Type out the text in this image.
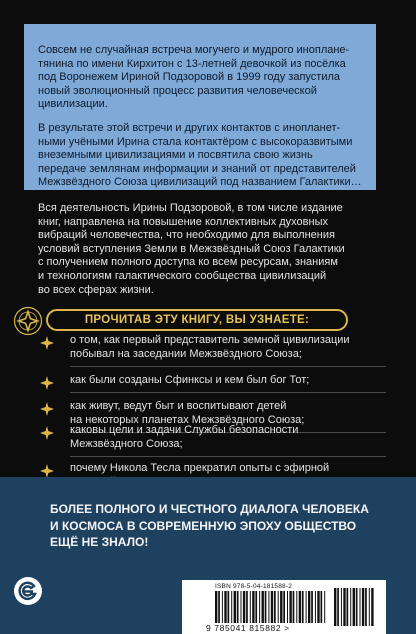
Совсем не случайная встреча могучего и мудрого инопланe-
тянина по имени Кирхитон с 13-летней девочкой из посёлка
под Воронежем Ириной Подзоровой в 1999 году запустила
новый эволюционный процесс развития человеческой
цивилизации.

В результате этой встречи и других контактов с инопланет-
ными учёными Ирина стала контактёром с высокоразвитыми
внеземными цивилизациями и посвятила свою жизнь
передаче землянам информации и знаний от представителей
Межзвёздного Союза цивилизаций под названием Галактики…

Вся деятельность Ирины Подзоровой, в том числе издание
книг, направлена на повышение коллективных духовных
вибраций человечества, что необходимо для выполнения
условий вступления Земли в Межзвёздный Союз Галактики
с получением полного доступа ко всем ресурсам, знаниям
и технологиям галактического сообщества цивилизаций
во всех сферах жизни.

ПРОЧИТАВ ЭТУ КНИГУ, ВЫ УЗНАЕТЕ:
о том, как первый представитель земной цивилизации
побывал на заседании Межзвёздного Союза;
как были созданы Сфинксы и кем был бог Тот;
как живут, ведут быт и воспитывают детей
на некоторых планетах Межзвёздного Союза;
каковы цели и задачи Службы безопасности
Межзвёздного Союза;
почему Никола Тесла прекратил опыты с эфирной

БОЛЕЕ ПОЛНОГО И ЧЕСТНОГО ДИАЛОГА ЧЕЛОВЕКА
И КОСМОСА В СОВРЕМЕННУЮ ЭПОХУ ОБЩЕСТВО
ЕЩЁ НЕ ЗНАЛО!
ISBN 978-5-04-181588-2
9 785041 815882 >
